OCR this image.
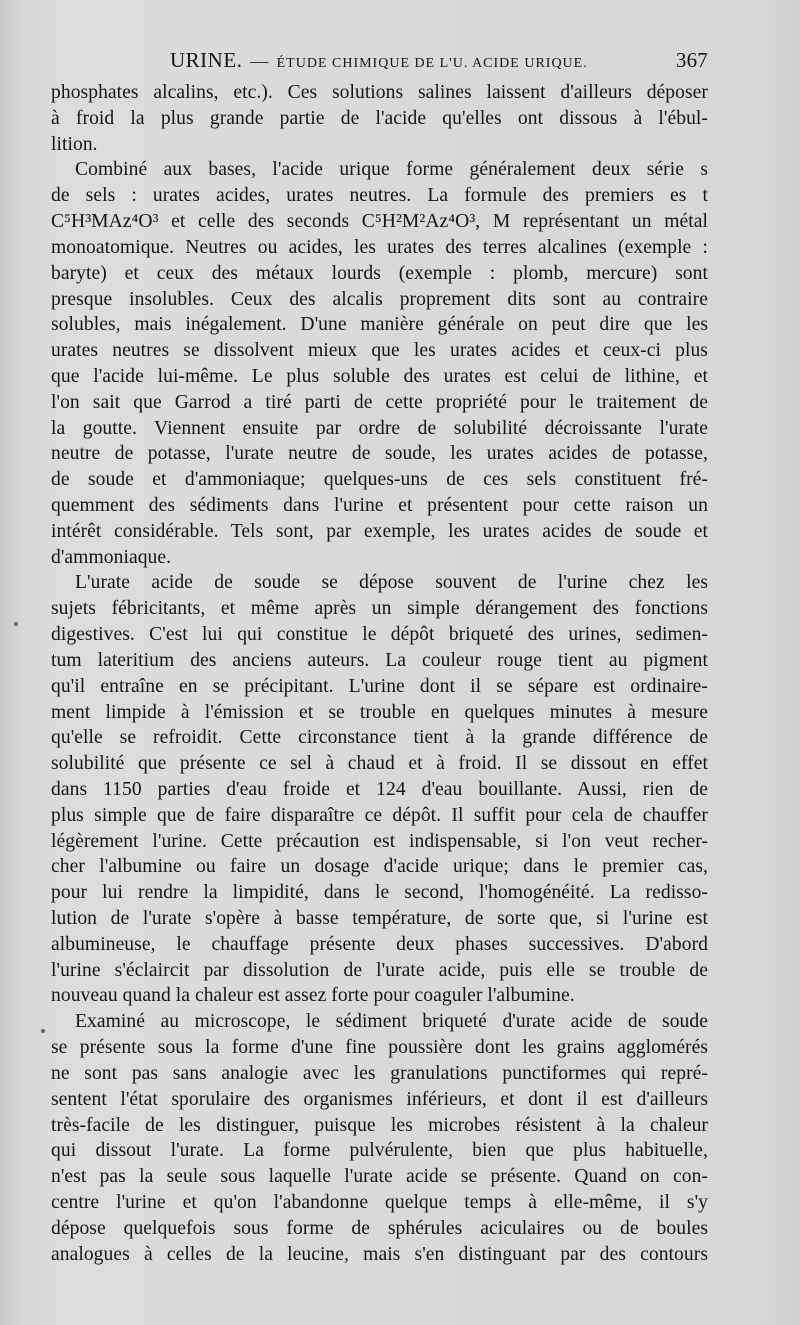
URINE. — ÉTUDE CHIMIQUE DE L'U. ACIDE URIQUE.	367
phosphates alcalins, etc.). Ces solutions salines laissent d'ailleurs déposer
à froid la plus grande partie de l'acide qu'elles ont dissous à l'ébul-
lition.
Combiné aux bases, l'acide urique forme généralement deux série s
de sels : urates acides, urates neutres. La formule des premiers es t
C⁵H³MAz⁴O³ et celle des seconds C⁵H²M²Az⁴O³, M représentant un métal
monoatomique. Neutres ou acides, les urates des terres alcalines (exemple :
baryte) et ceux des métaux lourds (exemple : plomb, mercure) sont
presque insolubles. Ceux des alcalis proprement dits sont au contraire
solubles, mais inégalement. D'une manière générale on peut dire que les
urates neutres se dissolvent mieux que les urates acides et ceux-ci plus
que l'acide lui-même. Le plus soluble des urates est celui de lithine, et
l'on sait que Garrod a tiré parti de cette propriété pour le traitement de
la goutte. Viennent ensuite par ordre de solubilité décroissante l'urate
neutre de potasse, l'urate neutre de soude, les urates acides de potasse,
de soude et d'ammoniaque; quelques-uns de ces sels constituent fré-
quemment des sédiments dans l'urine et présentent pour cette raison un
intérêt considérable. Tels sont, par exemple, les urates acides de soude et
d'ammoniaque.
L'urate acide de soude se dépose souvent de l'urine chez les
sujets fébricitants, et même après un simple dérangement des fonctions
digestives. C'est lui qui constitue le dépôt briqueté des urines, sedimen-
tum lateritium des anciens auteurs. La couleur rouge tient au pigment
qu'il entraîne en se précipitant. L'urine dont il se sépare est ordinaire-
ment limpide à l'émission et se trouble en quelques minutes à mesure
qu'elle se refroidit. Cette circonstance tient à la grande différence de
solubilité que présente ce sel à chaud et à froid. Il se dissout en effet
dans 1150 parties d'eau froide et 124 d'eau bouillante. Aussi, rien de
plus simple que de faire disparaître ce dépôt. Il suffit pour cela de chauffer
légèrement l'urine. Cette précaution est indispensable, si l'on veut recher-
cher l'albumine ou faire un dosage d'acide urique; dans le premier cas,
pour lui rendre la limpidité, dans le second, l'homogénéité. La redisso-
lution de l'urate s'opère à basse température, de sorte que, si l'urine est
albumineuse, le chauffage présente deux phases successives. D'abord
l'urine s'éclaircit par dissolution de l'urate acide, puis elle se trouble de
nouveau quand la chaleur est assez forte pour coaguler l'albumine.
Examiné au microscope, le sédiment briqueté d'urate acide de soude
se présente sous la forme d'une fine poussière dont les grains agglomérés
ne sont pas sans analogie avec les granulations punctiformes qui repré-
sentent l'état sporulaire des organismes inférieurs, et dont il est d'ailleurs
très-facile de les distinguer, puisque les microbes résistent à la chaleur
qui dissout l'urate. La forme pulvérulente, bien que plus habituelle,
n'est pas la seule sous laquelle l'urate acide se présente. Quand on con-
centre l'urine et qu'on l'abandonne quelque temps à elle-même, il s'y
dépose quelquefois sous forme de sphérules aciculaires ou de boules
analogues à celles de la leucine, mais s'en distinguant par des contours
